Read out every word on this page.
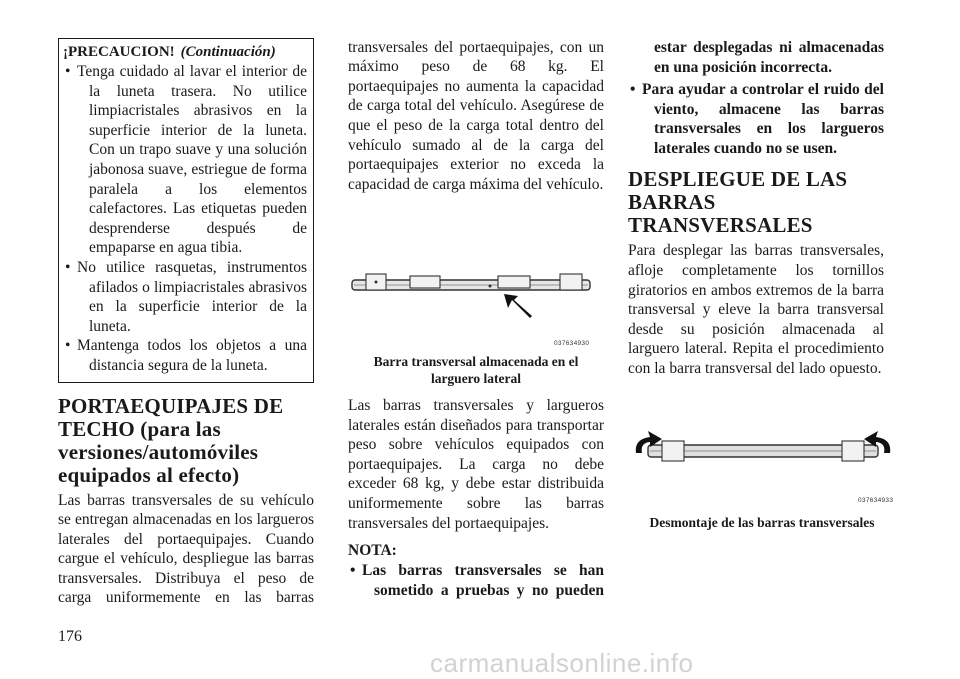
¡PRECAUCION! (Continuación)
• Tenga cuidado al lavar el interior de la luneta trasera. No utilice limpiacristales abrasivos en la superficie interior de la luneta. Con un trapo suave y una solución jabonosa suave, estriegue de forma paralela a los elementos calefactores. Las etiquetas pueden desprenderse después de empaparse en agua tibia.
• No utilice rasquetas, instrumentos afilados o limpiacristales abrasivos en la superficie interior de la luneta.
• Mantenga todos los objetos a una distancia segura de la luneta.
PORTAEQUIPAJES DE TECHO (para las versiones/automóviles equipados al efecto)

Las barras transversales de su vehículo se entregan almacenadas en los largueros laterales del portaequipajes. Cuando cargue el vehículo, despliegue las barras transversales. Distribuya el peso de carga uniformemente en las barras

transversales del portaequipajes, con un máximo peso de 68 kg. El portaequipajes no aumenta la capacidad de carga total del vehículo. Asegúrese de que el peso de la carga total dentro del vehículo sumado al de la carga del portaequipajes exterior no exceda la capacidad de carga máxima del vehículo.

037634930
Barra transversal almacenada en el larguero lateral

Las barras transversales y largueros laterales están diseñados para transportar peso sobre vehículos equipados con portaequipajes. La carga no debe exceder 68 kg, y debe estar distribuida uniformemente sobre las barras transversales del portaequipajes.

NOTA:
• Las barras transversales se han sometido a pruebas y no pueden
• estar desplegadas ni almacenadas en una posición incorrecta.
• Para ayudar a controlar el ruido del viento, almacene las barras transversales en los largueros laterales cuando no se usen.
DESPLIEGUE DE LAS BARRAS TRANSVERSALES

Para desplegar las barras transversales, afloje completamente los tornillos giratorios en ambos extremos de la barra transversal y eleve la barra transversal desde su posición almacenada al larguero lateral. Repita el procedimiento con la barra transversal del lado opuesto.

037634933
Desmontaje de las barras transversales
176
carmanualsonline.info
